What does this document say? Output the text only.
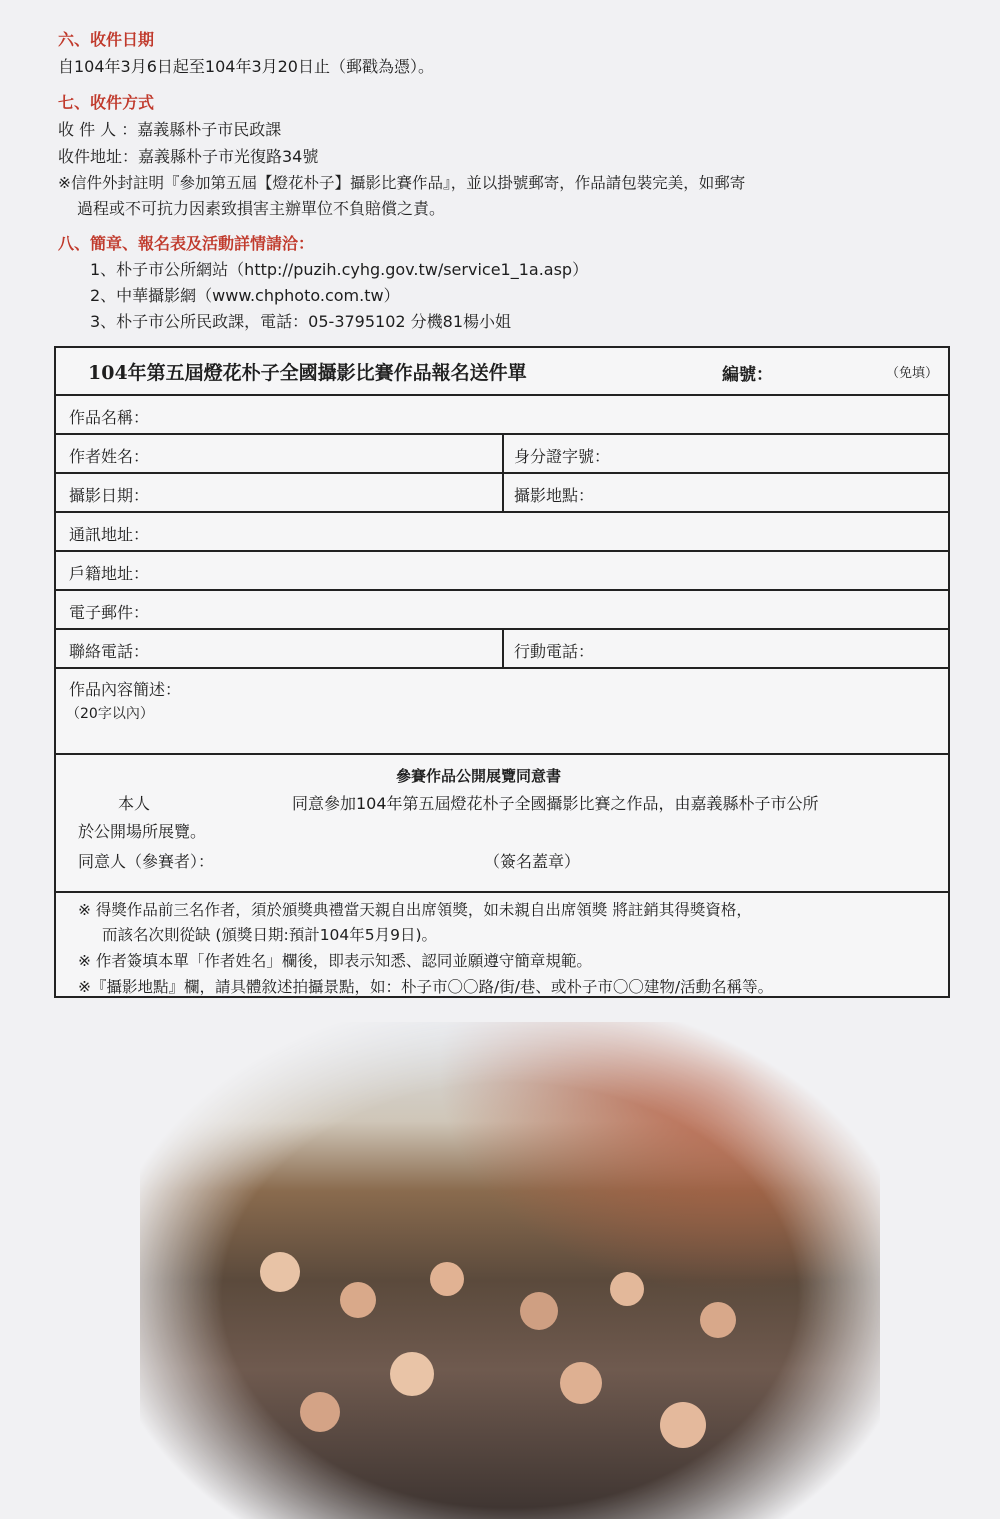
六、收件日期
自104年3月6日起至104年3月20日止（郵戳為憑）。
七、收件方式
收 件 人 ：嘉義縣朴子市民政課
收件地址：嘉義縣朴子市光復路34號
※信件外封註明『參加第五屆【燈花朴子】攝影比賽作品』，並以掛號郵寄，作品請包裝完美，如郵寄
過程或不可抗力因素致損害主辦單位不負賠償之責。
八、簡章、報名表及活動詳情請洽：
1、朴子市公所網站（http://puzih.cyhg.gov.tw/service1_1a.asp）
2、中華攝影網（www.chphoto.com.tw）
3、朴子市公所民政課，電話：05-3795102 分機81楊小姐
104年第五屆燈花朴子全國攝影比賽作品報名送件單	編號：	（免填）
作品名稱：
作者姓名：	身分證字號：
攝影日期：	攝影地點：
通訊地址：
戶籍地址：
電子郵件：
聯絡電話：	行動電話：
作品內容簡述：
（20字以內）
參賽作品公開展覽同意書
本人	同意參加104年第五屆燈花朴子全國攝影比賽之作品，由嘉義縣朴子市公所
於公開場所展覽。
同意人（參賽者）：	（簽名蓋章）
※ 得獎作品前三名作者，須於頒獎典禮當天親自出席領獎，如未親自出席領獎 將註銷其得獎資格，
而該名次則從缺 (頒獎日期:預計104年5月9日)。
※ 作者簽填本單「作者姓名」欄後，即表示知悉、認同並願遵守簡章規範。
※『攝影地點』欄，請具體敘述拍攝景點，如：朴子市〇〇路/街/巷、或朴子市〇〇建物/活動名稱等。
